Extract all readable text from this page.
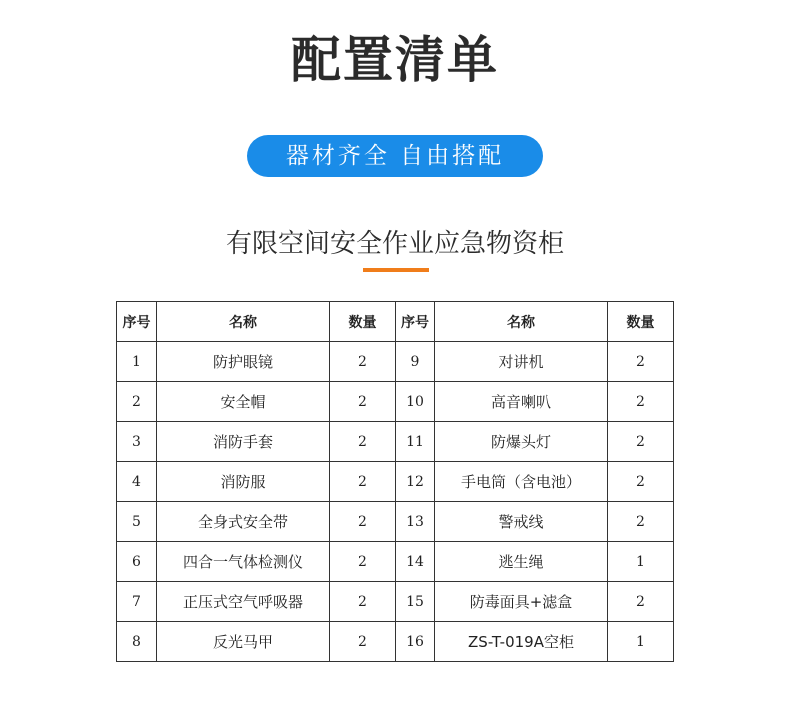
配置清单
器材齐全 自由搭配
有限空间安全作业应急物资柜
序号	名称	数量	序号	名称	数量
1	防护眼镜	2	9	对讲机	2
2	安全帽	2	10	高音喇叭	2
3	消防手套	2	11	防爆头灯	2
4	消防服	2	12	手电筒（含电池）	2
5	全身式安全带	2	13	警戒线	2
6	四合一气体检测仪	2	14	逃生绳	1
7	正压式空气呼吸器	2	15	防毒面具+滤盒	2
8	反光马甲	2	16	ZS-T-019A空柜	1
